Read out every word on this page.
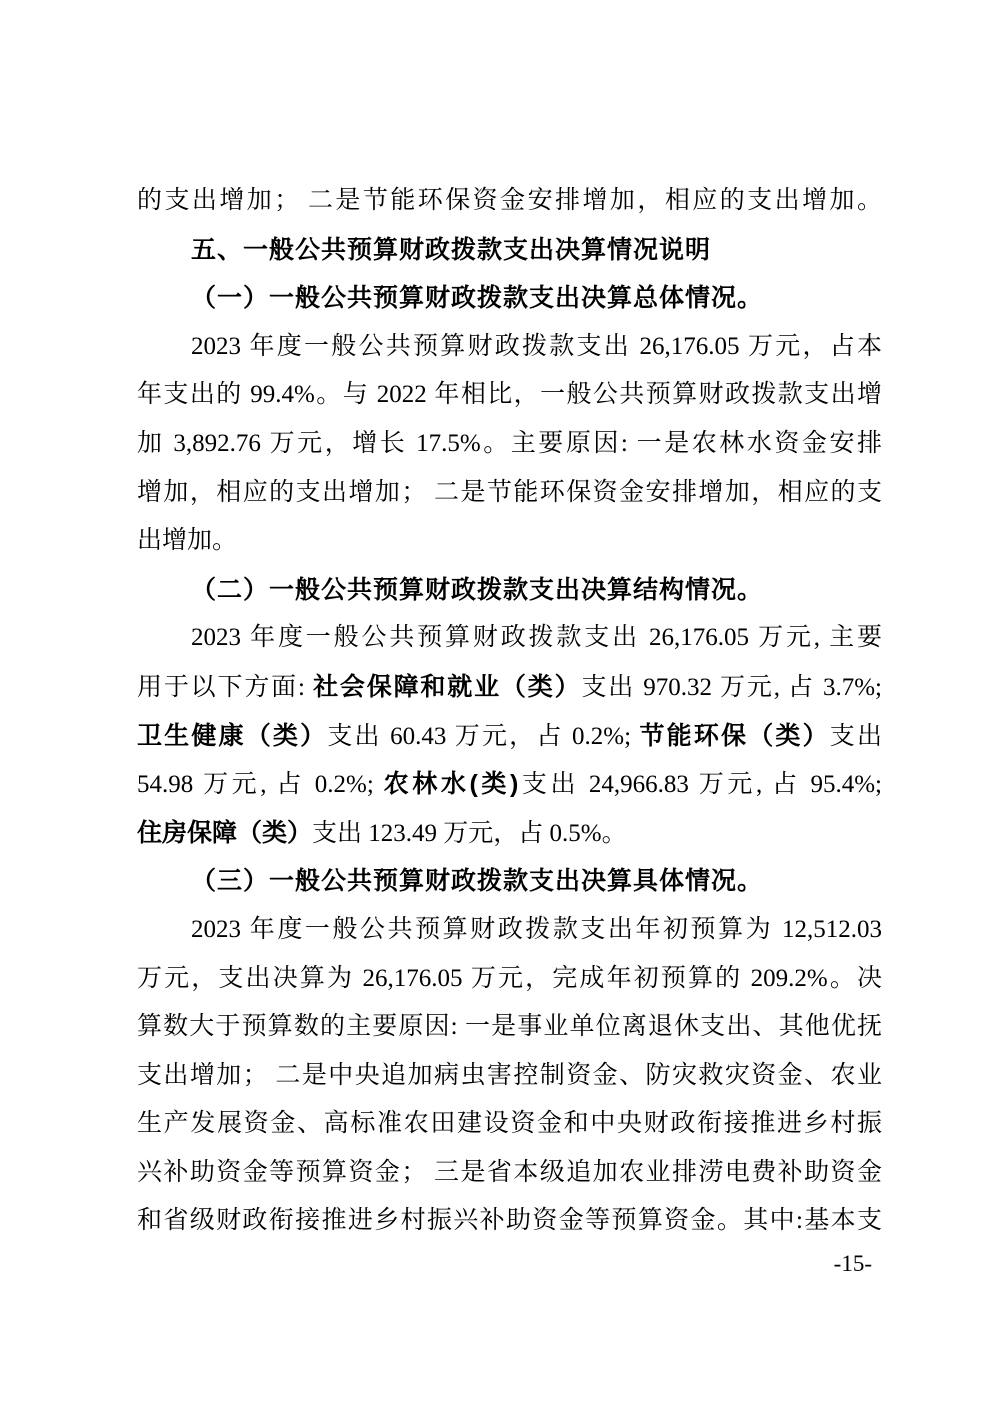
的支出增加； 二是节能环保资金安排增加，相应的支出增加。
五、一般公共预算财政拨款支出决算情况说明
（一）一般公共预算财政拨款支出决算总体情况。
2023 年度一般公共预算财政拨款支出 26,176.05 万元，占本
年支出的 99.4%。与 2022 年相比，一般公共预算财政拨款支出增
加 3,892.76 万元，增长 17.5%。主要原因: 一是农林水资金安排
增加，相应的支出增加； 二是节能环保资金安排增加，相应的支
出增加。
（二）一般公共预算财政拨款支出决算结构情况。
2023 年度一般公共预算财政拨款支出 26,176.05 万元, 主要
用于以下方面: 社会保障和就业（类）支出 970.32 万元, 占 3.7%;
卫生健康（类）支出 60.43 万元，占 0.2%; 节能环保（类）支出
54.98 万元, 占 0.2%; 农林水(类)支出 24,966.83 万元, 占 95.4%;
住房保障（类）支出 123.49 万元，占 0.5%。
（三）一般公共预算财政拨款支出决算具体情况。
2023 年度一般公共预算财政拨款支出年初预算为 12,512.03
万元，支出决算为 26,176.05 万元，完成年初预算的 209.2%。决
算数大于预算数的主要原因: 一是事业单位离退休支出、其他优抚
支出增加； 二是中央追加病虫害控制资金、防灾救灾资金、农业
生产发展资金、高标准农田建设资金和中央财政衔接推进乡村振
兴补助资金等预算资金； 三是省本级追加农业排涝电费补助资金
和省级财政衔接推进乡村振兴补助资金等预算资金。其中:基本支
-15-
